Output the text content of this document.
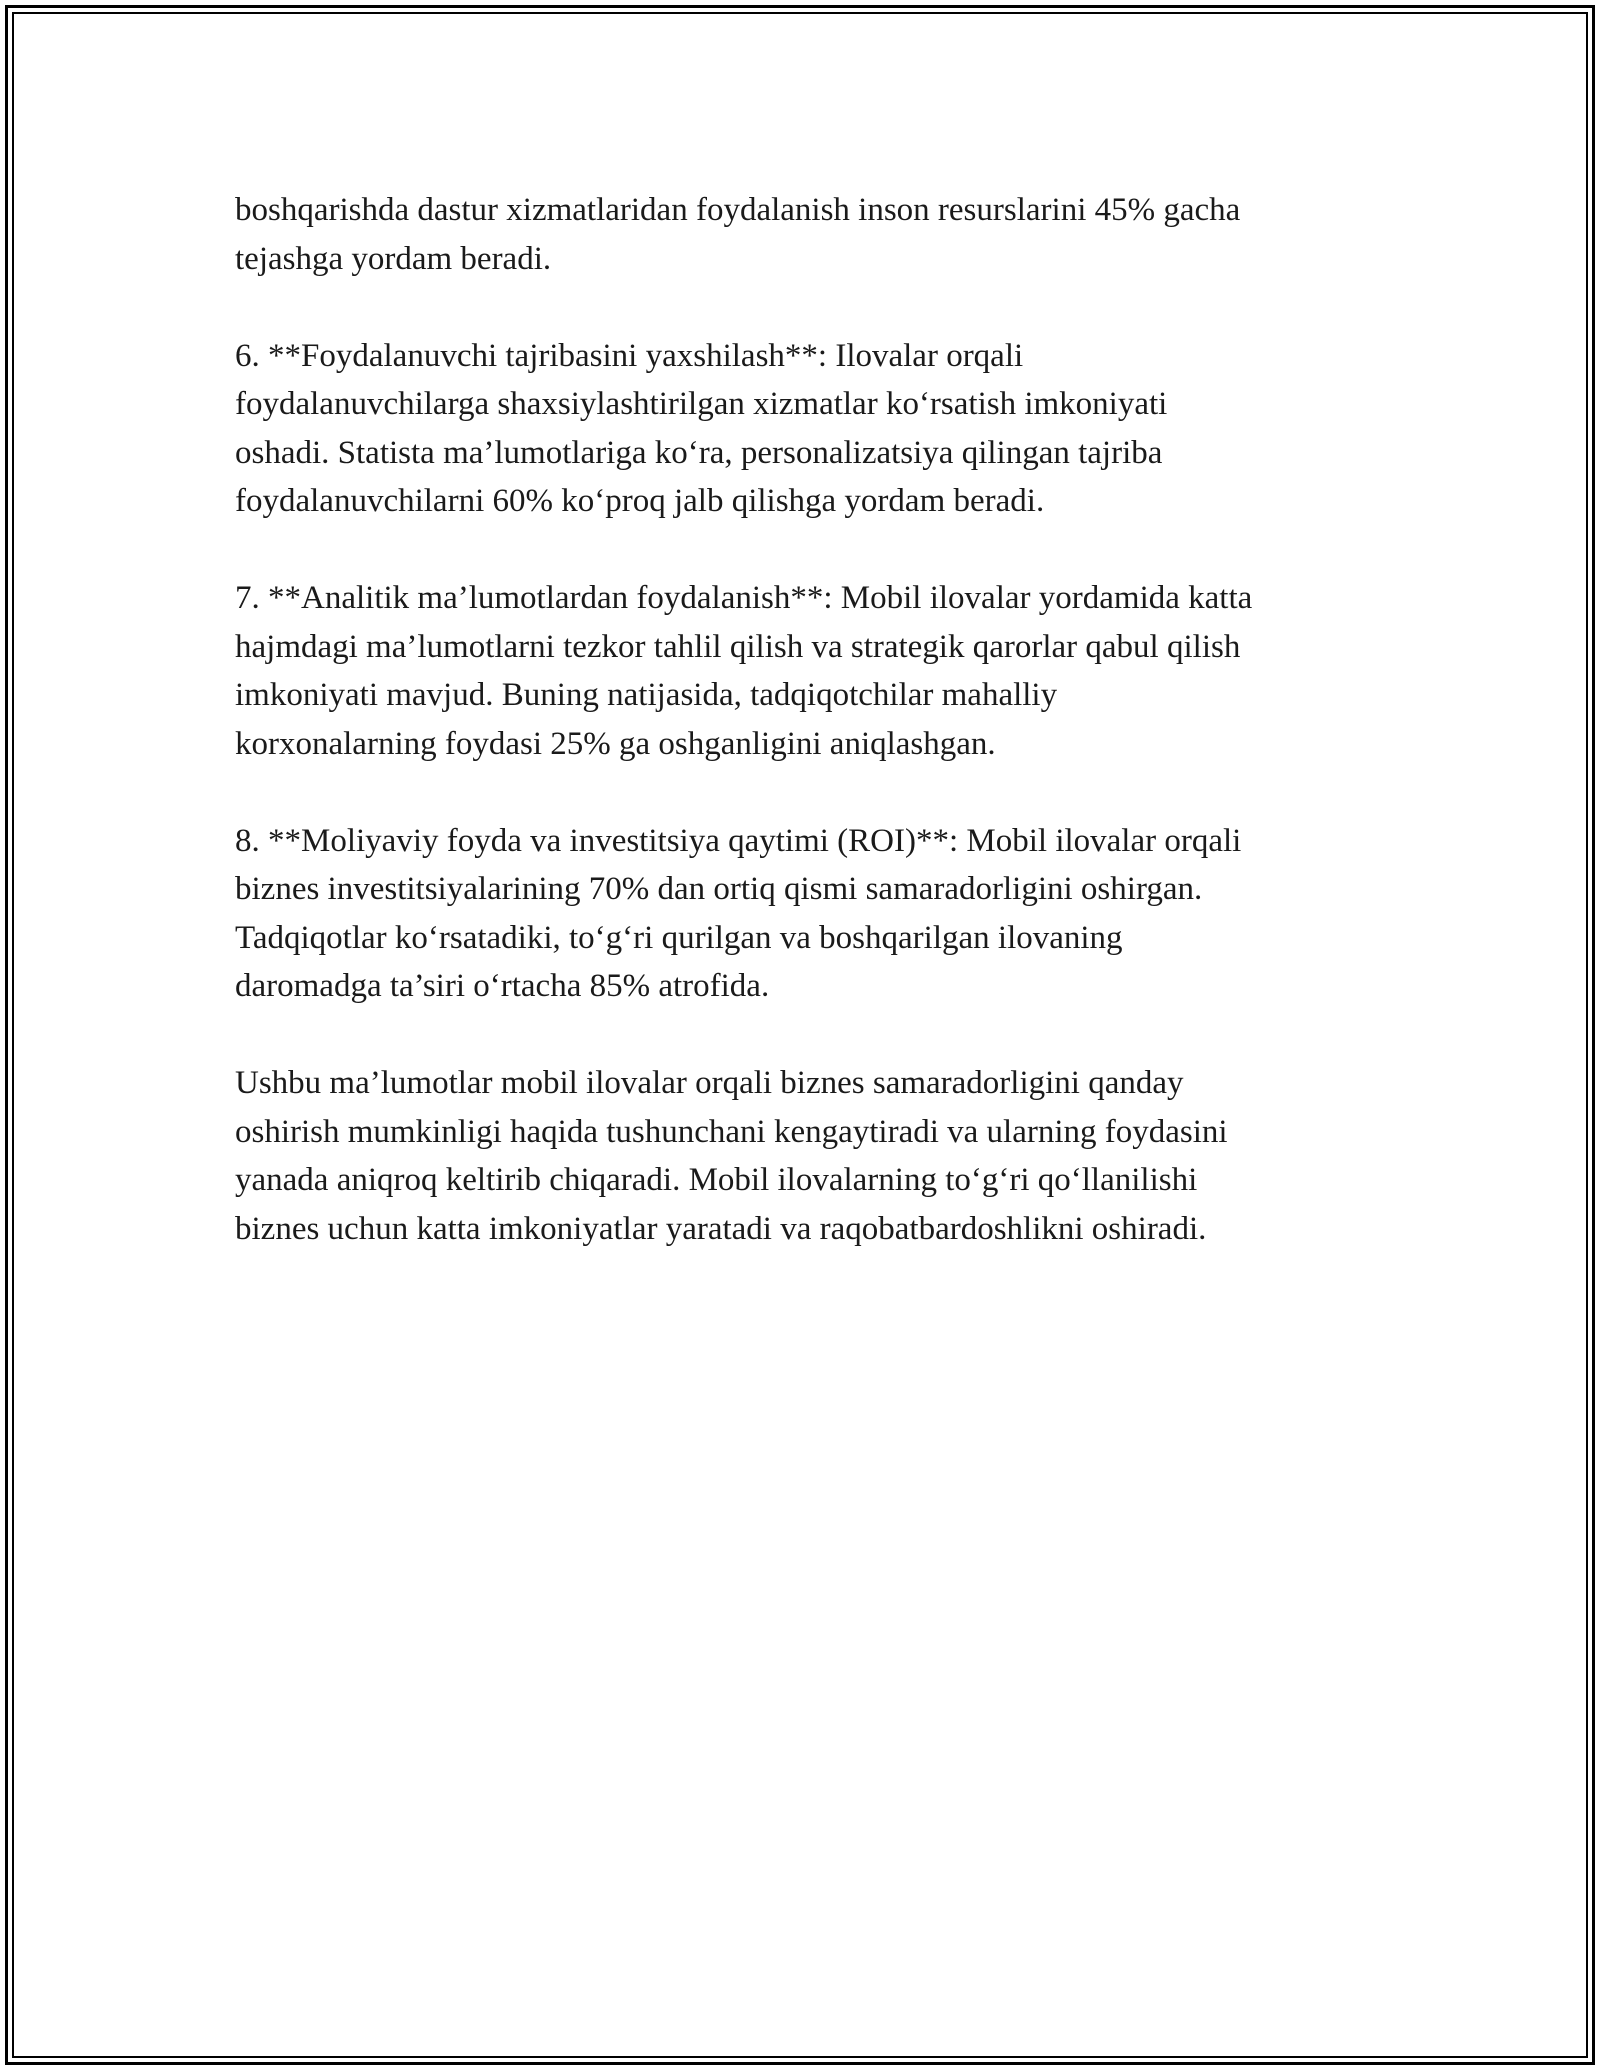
boshqarishda dastur xizmatlaridan foydalanish inson resurslarini 45% gacha
tejashga yordam beradi.

6. **Foydalanuvchi tajribasini yaxshilash**: Ilovalar orqali
foydalanuvchilarga shaxsiylashtirilgan xizmatlar ko‘rsatish imkoniyati
oshadi. Statista ma’lumotlariga ko‘ra, personalizatsiya qilingan tajriba
foydalanuvchilarni 60% ko‘proq jalb qilishga yordam beradi.

7. **Analitik ma’lumotlardan foydalanish**: Mobil ilovalar yordamida katta
hajmdagi ma’lumotlarni tezkor tahlil qilish va strategik qarorlar qabul qilish
imkoniyati mavjud. Buning natijasida, tadqiqotchilar mahalliy
korxonalarning foydasi 25% ga oshganligini aniqlashgan.

8. **Moliyaviy foyda va investitsiya qaytimi (ROI)**: Mobil ilovalar orqali
biznes investitsiyalarining 70% dan ortiq qismi samaradorligini oshirgan.
Tadqiqotlar ko‘rsatadiki, to‘g‘ri qurilgan va boshqarilgan ilovaning
daromadga ta’siri o‘rtacha 85% atrofida.

Ushbu ma’lumotlar mobil ilovalar orqali biznes samaradorligini qanday
oshirish mumkinligi haqida tushunchani kengaytiradi va ularning foydasini
yanada aniqroq keltirib chiqaradi. Mobil ilovalarning to‘g‘ri qo‘llanilishi
biznes uchun katta imkoniyatlar yaratadi va raqobatbardoshlikni oshiradi.
